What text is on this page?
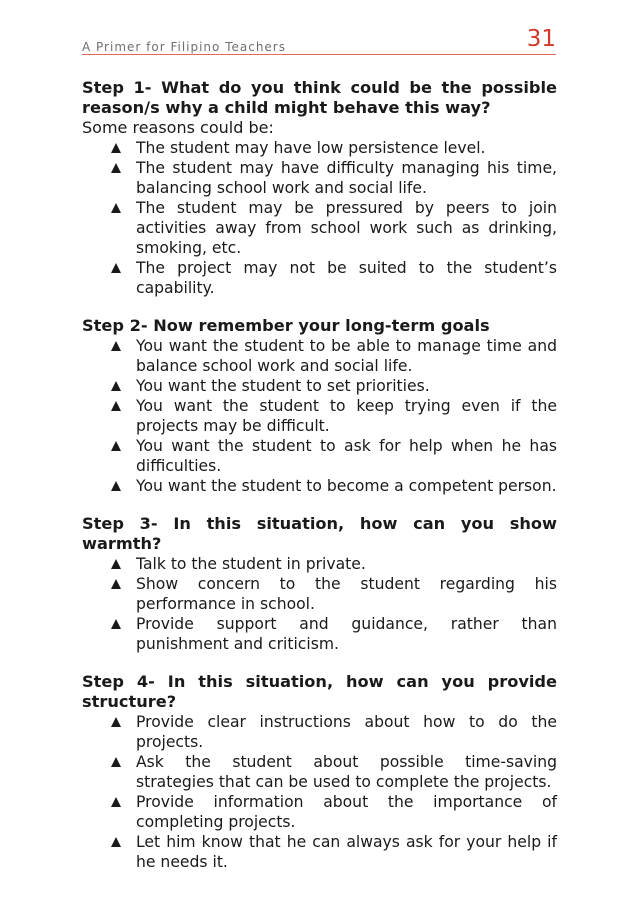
A Primer for Filipino Teachers	31

Step 1- What do you think could be the possible reason/s why a child might behave this way?

Some reasons could be:

The student may have low persistence level.
The student may have difficulty managing his time, balancing school work and social life.
The student may be pressured by peers to join activities away from school work such as drinking, smoking, etc.
The project may not be suited to the student’s capability.

Step 2- Now remember your long-term goals

You want the student to be able to manage time and balance school work and social life.
You want the student to set priorities.
You want the student to keep trying even if the projects may be difficult.
You want the student to ask for help when he has difficulties.
You want the student to become a competent person.

Step 3- In this situation, how can you show warmth?

Talk to the student in private.
Show concern to the student regarding his performance in school.
Provide support and guidance, rather than punishment and criticism.

Step 4- In this situation, how can you provide structure?

Provide clear instructions about how to do the projects.
Ask the student about possible time-saving strategies that can be used to complete the projects.
Provide information about the importance of completing projects.
Let him know that he can always ask for your help if he needs it.
